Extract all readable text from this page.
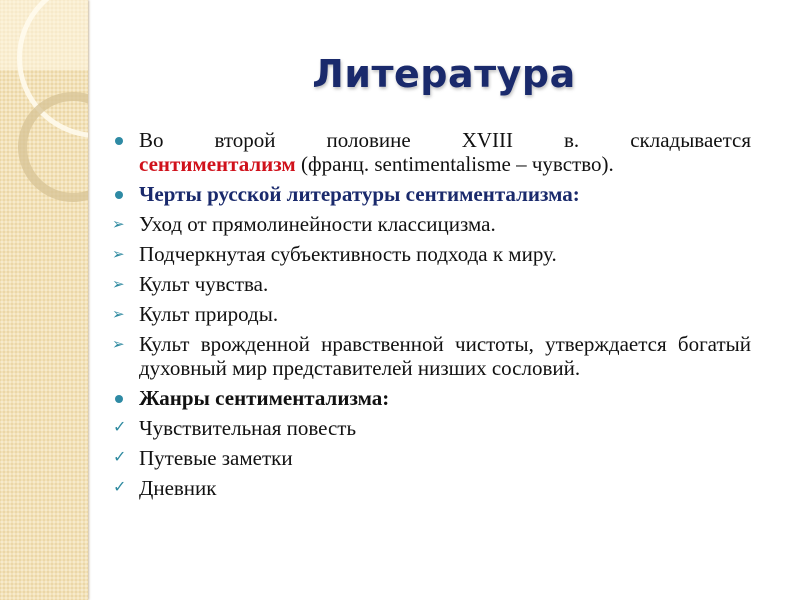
Литература
Во второй половине XVIII в. складывается
сентиментализм (франц. sentimentalisme – чувство).
Черты русской литературы сентиментализма:
➢ Уход от прямолинейности классицизма.
➢ Подчеркнутая субъективность подхода к миру.
➢ Культ чувства.
➢ Культ природы.
➢ Культ врожденной нравственной чистоты, утверждается богатый духовный мир представителей низших сословий.
Жанры сентиментализма:
✓ Чувствительная повесть
✓ Путевые заметки
✓ Дневник
